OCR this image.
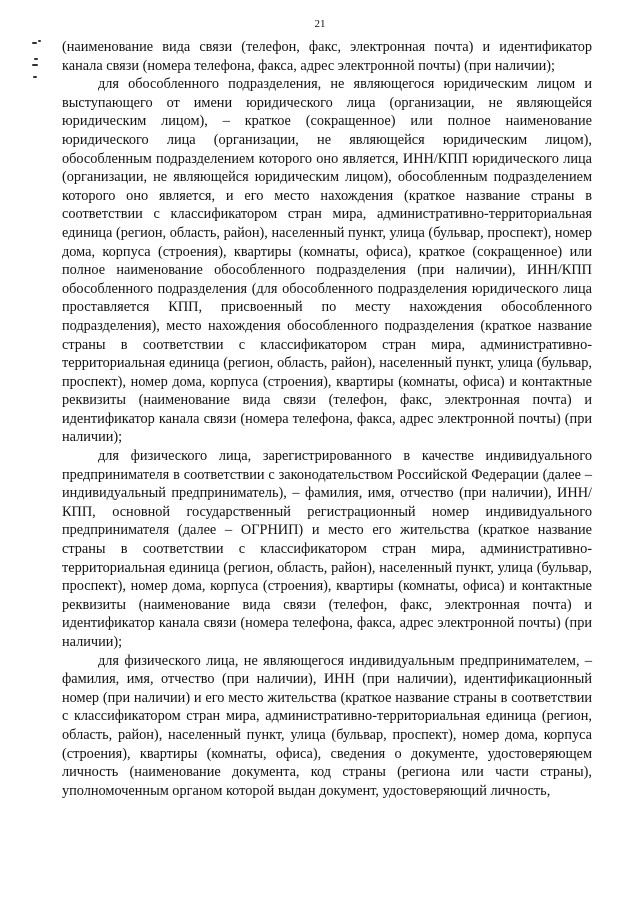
21

(наименование вида связи (телефон, факс, электронная почта) и идентификатор канала связи (номера телефона, факса, адрес электронной почты) (при наличии);

для обособленного подразделения, не являющегося юридическим лицом и выступающего от имени юридического лица (организации, не являющейся юридическим лицом), – краткое (сокращенное) или полное наименование юридического лица (организации, не являющейся юридическим лицом), обособленным подразделением которого оно является, ИНН/КПП юридического лица (организации, не являющейся юридическим лицом), обособленным подразделением которого оно является, и его место нахождения (краткое название страны в соответствии с классификатором стран мира, административно-территориальная единица (регион, область, район), населенный пункт, улица (бульвар, проспект), номер дома, корпуса (строения), квартиры (комнаты, офиса), краткое (сокращенное) или полное наименование обособленного подразделения (при наличии), ИНН/КПП обособленного подразделения (для обособленного подразделения юридического лица проставляется КПП, присвоенный по месту нахождения обособленного подразделения), место нахождения обособленного подразделения (краткое название страны в соответствии с классификатором стран мира, административно-территориальная единица (регион, область, район), населенный пункт, улица (бульвар, проспект), номер дома, корпуса (строения), квартиры (комнаты, офиса) и контактные реквизиты (наименование вида связи (телефон, факс, электронная почта) и идентификатор канала связи (номера телефона, факса, адрес электронной почты) (при наличии);

для физического лица, зарегистрированного в качестве индивидуального предпринимателя в соответствии с законодательством Российской Федерации (далее – индивидуальный предприниматель), – фамилия, имя, отчество (при наличии), ИНН/КПП, основной государственный регистрационный номер индивидуального предпринимателя (далее – ОГРНИП) и место его жительства (краткое название страны в соответствии с классификатором стран мира, административно-территориальная единица (регион, область, район), населенный пункт, улица (бульвар, проспект), номер дома, корпуса (строения), квартиры (комнаты, офиса) и контактные реквизиты (наименование вида связи (телефон, факс, электронная почта) и идентификатор канала связи (номера телефона, факса, адрес электронной почты) (при наличии);

для физического лица, не являющегося индивидуальным предпринимателем, – фамилия, имя, отчество (при наличии), ИНН (при наличии), идентификационный номер (при наличии) и его место жительства (краткое название страны в соответствии с классификатором стран мира, административно-территориальная единица (регион, область, район), населенный пункт, улица (бульвар, проспект), номер дома, корпуса (строения), квартиры (комнаты, офиса), сведения о документе, удостоверяющем личность (наименование документа, код страны (региона или части страны), уполномоченным органом которой выдан документ, удостоверяющий личность,
